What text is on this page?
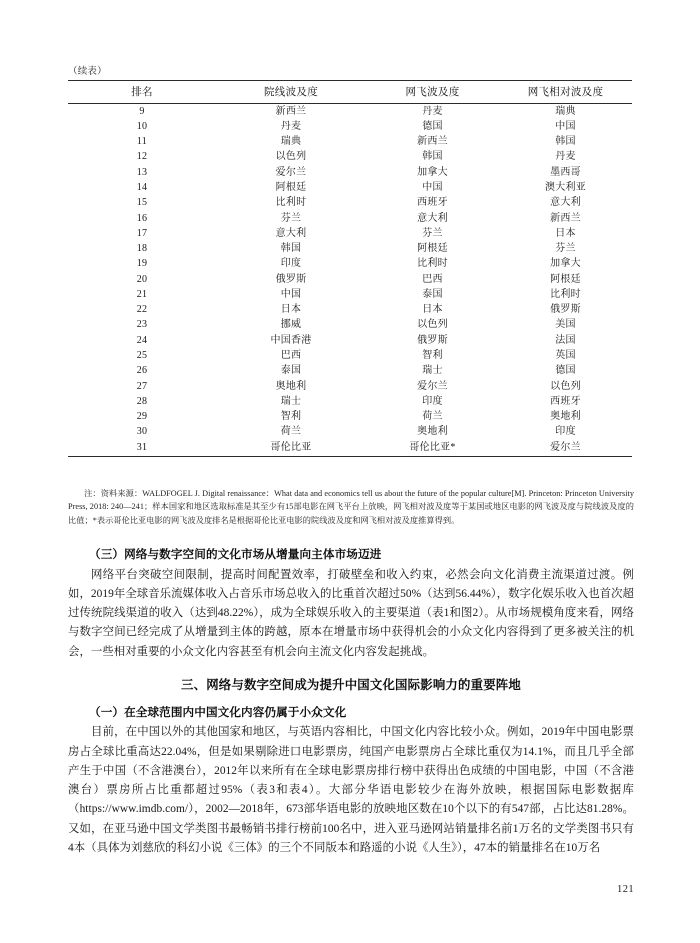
（续表）
排名	院线波及度	网飞波及度	网飞相对波及度
9	新西兰	丹麦	瑞典
10	丹麦	德国	中国
11	瑞典	新西兰	韩国
12	以色列	韩国	丹麦
13	爱尔兰	加拿大	墨西哥
14	阿根廷	中国	澳大利亚
15	比利时	西班牙	意大利
16	芬兰	意大利	新西兰
17	意大利	芬兰	日本
18	韩国	阿根廷	芬兰
19	印度	比利时	加拿大
20	俄罗斯	巴西	阿根廷
21	中国	泰国	比利时
22	日本	日本	俄罗斯
23	挪威	以色列	美国
24	中国香港	俄罗斯	法国
25	巴西	智利	英国
26	泰国	瑞士	德国
27	奥地利	爱尔兰	以色列
28	瑞士	印度	西班牙
29	智利	荷兰	奥地利
30	荷兰	奥地利	印度
31	哥伦比亚	哥伦比亚*	爱尔兰
注：资料来源：WALDFOGEL J. Digital renaissance：What data and economics tell us about the future of the popular culture[M]. Princeton: Princeton University Press, 2018: 240—241；样本国家和地区选取标准是其至少有15部电影在网飞平台上放映，网飞相对波及度等于某国或地区电影的网飞波及度与院线波及度的比值；*表示哥伦比亚电影的网飞波及度排名是根据哥伦比亚电影的院线波及度和网飞相对波及度推算得到。
（三）网络与数字空间的文化市场从增量向主体市场迈进

网络平台突破空间限制，提高时间配置效率，打破壁垒和收入约束，必然会向文化消费主流渠道过渡。例如，2019年全球音乐流媒体收入占音乐市场总收入的比重首次超过50%（达到56.44%），数字化娱乐收入也首次超过传统院线渠道的收入（达到48.22%），成为全球娱乐收入的主要渠道（表1和图2）。从市场规模角度来看，网络与数字空间已经完成了从增量到主体的跨越，原本在增量市场中获得机会的小众文化内容得到了更多被关注的机会，一些相对重要的小众文化内容甚至有机会向主流文化内容发起挑战。

三、网络与数字空间成为提升中国文化国际影响力的重要阵地
（一）在全球范围内中国文化内容仍属于小众文化

目前，在中国以外的其他国家和地区，与英语内容相比，中国文化内容比较小众。例如，2019年中国电影票房占全球比重高达22.04%，但是如果剔除进口电影票房，纯国产电影票房占全球比重仅为14.1%，而且几乎全部产生于中国（不含港澳台），2012年以来所有在全球电影票房排行榜中获得出色成绩的中国电影，中国（不含港澳台）票房所占比重都超过95%（表3和表4）。大部分华语电影较少在海外放映，根据国际电影数据库（https://www.imdb.com/），2002—2018年，673部华语电影的放映地区数在10个以下的有547部，占比达81.28%。又如，在亚马逊中国文学类图书最畅销书排行榜前100名中，进入亚马逊网站销量排名前1万名的文学类图书只有4本（具体为刘慈欣的科幻小说《三体》的三个不同版本和路遥的小说《人生》），47本的销量排名在10万名

121
